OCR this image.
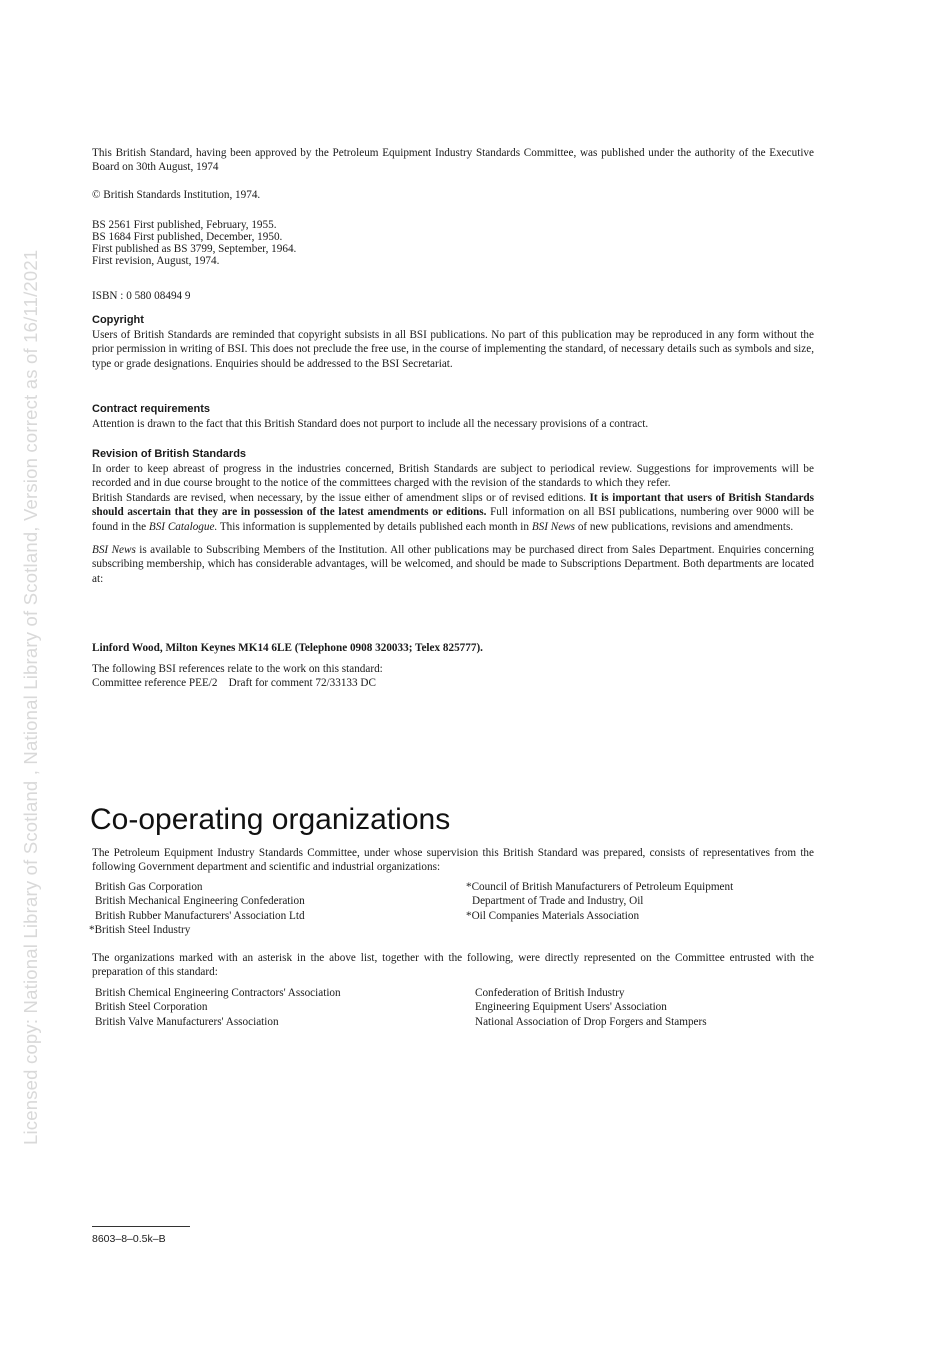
Licensed copy: National Library of Scotland , National Library of Scotland, Version correct as of 16/11/2021

This British Standard, having been approved by the Petroleum Equipment Industry Standards Committee, was published under the authority of the Executive Board on 30th August, 1974

© British Standards Institution, 1974.

BS 2561 First published, February, 1955.

BS 1684 First published, December, 1950.

First published as BS 3799, September, 1964.

First revision, August, 1974.

ISBN : 0 580 08494 9

Copyright

Users of British Standards are reminded that copyright subsists in all BSI publications. No part of this publication may be reproduced in any form without the prior permission in writing of BSI. This does not preclude the free use, in the course of implementing the standard, of necessary details such as symbols and size, type or grade designations. Enquiries should be addressed to the BSI Secretariat.

Contract requirements

Attention is drawn to the fact that this British Standard does not purport to include all the necessary provisions of a contract.

Revision of British Standards

In order to keep abreast of progress in the industries concerned, British Standards are subject to periodical review. Suggestions for improvements will be recorded and in due course brought to the notice of the committees charged with the revision of the standards to which they refer.

British Standards are revised, when necessary, by the issue either of amendment slips or of revised editions. It is important that users of British Standards should ascertain that they are in possession of the latest amendments or editions. Full information on all BSI publications, numbering over 9000 will be found in the BSI Catalogue. This information is supplemented by details published each month in BSI News of new publications, revisions and amendments.

BSI News is available to Subscribing Members of the Institution. All other publications may be purchased direct from Sales Department. Enquiries concerning subscribing membership, which has considerable advantages, will be welcomed, and should be made to Subscriptions Department. Both departments are located at:

Linford Wood, Milton Keynes MK14 6LE (Telephone 0908 320033; Telex 825777).

The following BSI references relate to the work on this standard:

Committee reference PEE/2    Draft for comment 72/33133 DC

Co-operating organizations

The Petroleum Equipment Industry Standards Committee, under whose supervision this British Standard was prepared, consists of representatives from the following Government department and scientific and industrial organizations:

British Gas Corporation
British Mechanical Engineering Confederation
British Rubber Manufacturers' Association Ltd
*British Steel Industry
*Council of British Manufacturers of Petroleum Equipment
Department of Trade and Industry, Oil
*Oil Companies Materials Association

The organizations marked with an asterisk in the above list, together with the following, were directly represented on the Committee entrusted with the preparation of this standard:

British Chemical Engineering Contractors' Association
British Steel Corporation
British Valve Manufacturers' Association
Confederation of British Industry
Engineering Equipment Users' Association
National Association of Drop Forgers and Stampers
8603–8–0.5k–B
